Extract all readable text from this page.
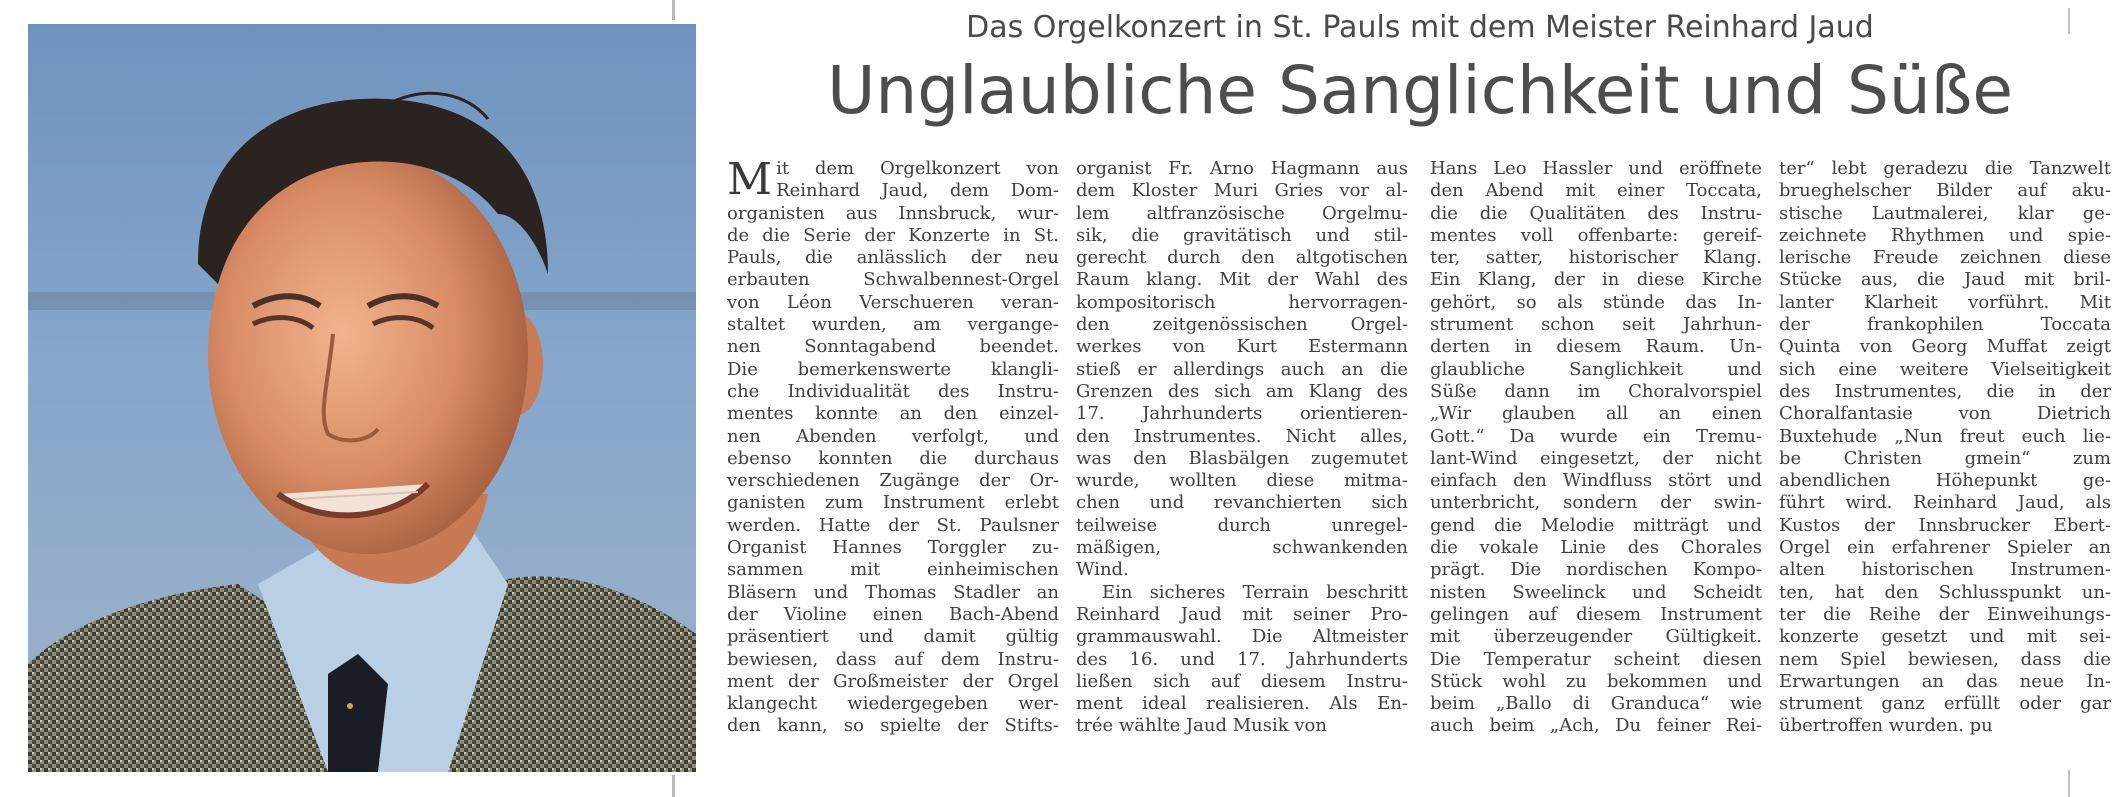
Das Orgelkonzert in St. Pauls mit dem Meister Reinhard Jaud
Unglaubliche Sanglichkeit und Süße
M it dem Orgelkonzert von
Reinhard Jaud, dem Dom-
organisten aus Innsbruck, wur-
de die Serie der Konzerte in St.
Pauls, die anlässlich der neu
erbauten Schwalbennest-Orgel
von Léon Verschueren veran-
staltet wurden, am vergange-
nen Sonntagabend beendet.
Die bemerkenswerte klangli-
che Individualität des Instru-
mentes konnte an den einzel-
nen Abenden verfolgt, und
ebenso konnten die durchaus
verschiedenen Zugänge der Or-
ganisten zum Instrument erlebt
werden. Hatte der St. Paulsner
Organist Hannes Torggler zu-
sammen mit einheimischen
Bläsern und Thomas Stadler an
der Violine einen Bach-Abend
präsentiert und damit gültig
bewiesen, dass auf dem Instru-
ment der Großmeister der Orgel
klangecht wiedergegeben wer-
den kann, so spielte der Stifts-
organist Fr. Arno Hagmann aus
dem Kloster Muri Gries vor al-
lem altfranzösische Orgelmu-
sik, die gravitätisch und stil-
gerecht durch den altgotischen
Raum klang. Mit der Wahl des
kompositorisch hervorragen-
den zeitgenössischen Orgel-
werkes von Kurt Estermann
stieß er allerdings auch an die
Grenzen des sich am Klang des
17. Jahrhunderts orientieren-
den Instrumentes. Nicht alles,
was den Blasbälgen zugemutet
wurde, wollten diese mitma-
chen und revanchierten sich
teilweise durch unregel-
mäßigen, schwankenden
Wind.
Ein sicheres Terrain beschritt
Reinhard Jaud mit seiner Pro-
grammauswahl. Die Altmeister
des 16. und 17. Jahrhunderts
ließen sich auf diesem Instru-
ment ideal realisieren. Als En-
trée wählte Jaud Musik von
Hans Leo Hassler und eröffnete
den Abend mit einer Toccata,
die die Qualitäten des Instru-
mentes voll offenbarte: gereif-
ter, satter, historischer Klang.
Ein Klang, der in diese Kirche
gehört, so als stünde das In-
strument schon seit Jahrhun-
derten in diesem Raum. Un-
glaubliche Sanglichkeit und
Süße dann im Choralvorspiel
„Wir glauben all an einen
Gott.“ Da wurde ein Tremu-
lant-Wind eingesetzt, der nicht
einfach den Windfluss stört und
unterbricht, sondern der swin-
gend die Melodie mitträgt und
die vokale Linie des Chorales
prägt. Die nordischen Kompo-
nisten Sweelinck und Scheidt
gelingen auf diesem Instrument
mit überzeugender Gültigkeit.
Die Temperatur scheint diesen
Stück wohl zu bekommen und
beim „Ballo di Granduca“ wie
auch beim „Ach, Du feiner Rei-
ter“ lebt geradezu die Tanzwelt
brueghelscher Bilder auf aku-
stische Lautmalerei, klar ge-
zeichnete Rhythmen und spie-
lerische Freude zeichnen diese
Stücke aus, die Jaud mit bril-
lanter Klarheit vorführt. Mit
der frankophilen Toccata
Quinta von Georg Muffat zeigt
sich eine weitere Vielseitigkeit
des Instrumentes, die in der
Choralfantasie von Dietrich
Buxtehude „Nun freut euch lie-
be Christen gmein“ zum
abendlichen Höhepunkt ge-
führt wird. Reinhard Jaud, als
Kustos der Innsbrucker Ebert-
Orgel ein erfahrener Spieler an
alten historischen Instrumen-
ten, hat den Schlusspunkt un-
ter die Reihe der Einweihungs-
konzerte gesetzt und mit sei-
nem Spiel bewiesen, dass die
Erwartungen an das neue In-
strument ganz erfüllt oder gar
übertroffen wurden. pu
